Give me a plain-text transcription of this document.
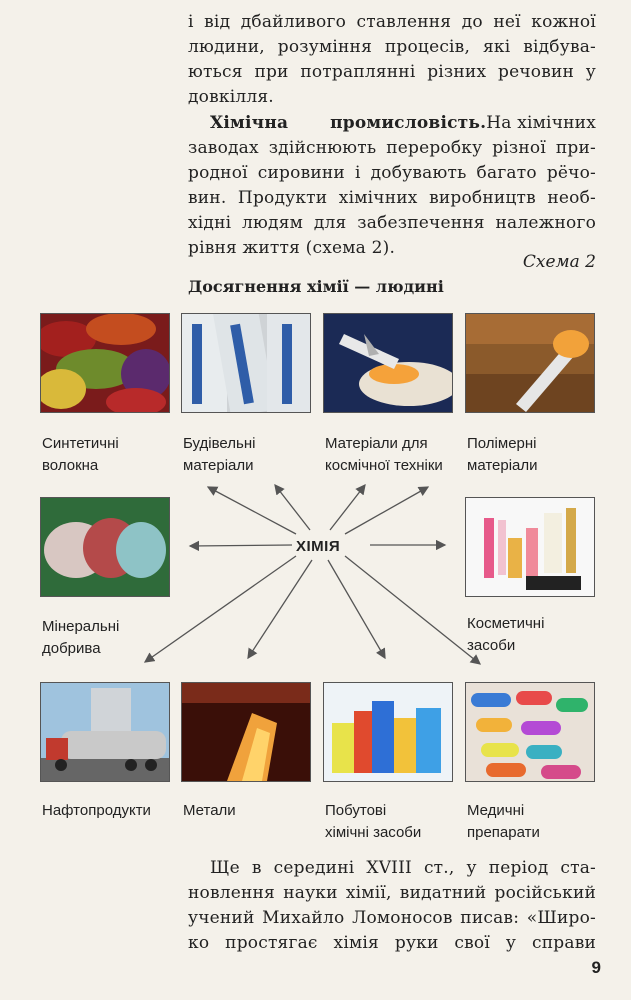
і від дбайливого ставлення до неї кожної
людини, розуміння процесів, які відбува-
ються при потраплянні різних речовин у
довкілля.
Хімічна промисловість. На хімічних
заводах здійснюють переробку різної при-
родної сировини і добувають багато рёчо-
вин. Продукти хімічних виробництв необ-
хідні людям для забезпечення належного
рівня життя (схема 2).
Схема 2
Досягнення хімії — людині
ХІМІЯ
Синтетичні
волокна
Будівельні
матеріали
Матеріали для
космічної техніки
Полімерні
матеріали
Мінеральні
добрива
Косметичні
засоби
Нафтопродукти Метали	Побутові
хімічні засоби
Медичні
препарати
Ще в середині XVIII ст., у період ста-
новлення науки хімії, видатний російський
учений Михайло Ломоносов писав: «Широ-
ко простягає хімія руки свої у справи
9
